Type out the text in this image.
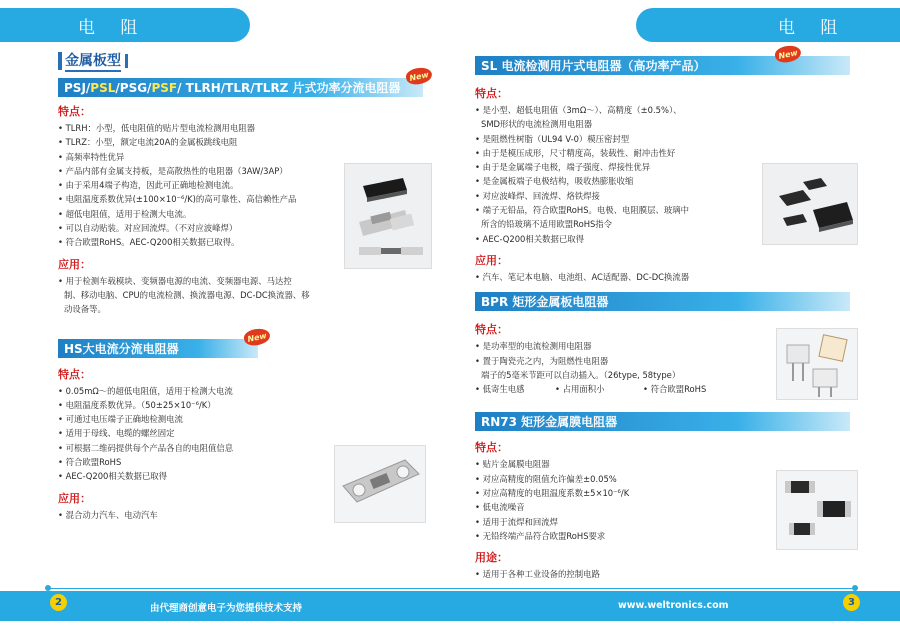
电 阻	电 阻
金属板型
PSJ/ PSL /PSG/ PSF / TLRH/TLR/TLRZ 片式功率分流电阻器
New
特点：
• TLRH：小型，低电阻值的贴片型电流检测用电阻器
• TLRZ：小型，额定电流20A的金属板跳线电阻
• 高频率特性优异
• 产品内部有金属支持板，是高散热性的电阻器（3AW/3AP）
• 由于采用4端子构造，因此可正确地检测电流。
• 电阻温度系数优异(±100×10⁻⁶/K)的高可靠性、高信赖性产品
• 超低电阻值，适用于检测大电流。
• 可以自动贴装。对应回流焊。（不对应波峰焊）
• 符合欧盟RoHS。AEC-Q200相关数据已取得。
应用：
• 用于检测车载模块、变频器电源的电流、变频器电源、马达控
制、移动电脑、CPU的电流检测、换流器电源、DC-DC换流器、移
动设备等。
HS大电流分流电阻器
New
特点：
• 0.05mΩ～的超低电阻值，适用于检测大电流
• 电阻温度系数优异。（50±25×10⁻⁶/K）
• 可通过电压端子正确地检测电流
• 适用于母线、电缆的螺丝固定
• 可根据二维码提供每个产品各自的电阻值信息
• 符合欧盟RoHS
• AEC-Q200相关数据已取得
应用：
• 混合动力汽车、电动汽车
SL 电流检测用片式电阻器（高功率产品）
New
特点：
• 是小型、超低电阻值（3mΩ～）、高精度（±0.5%）、
SMD形状的电流检测用电阻器
• 是阻燃性树脂（UL94 V-0）模压密封型
• 由于是模压成形，尺寸精度高，装载性、耐冲击性好
• 由于是金属端子电极，端子强度、焊接性优异
• 是金属板端子电极结构，吸收热膨胀收缩
• 对应波峰焊、回流焊、烙铁焊接
• 端子无铅品，符合欧盟RoHS。电极、电阻膜层、玻璃中
所含的铅玻璃不适用欧盟RoHS指令
• AEC-Q200相关数据已取得
应用：
• 汽车、笔记本电脑、电池组、AC适配器、DC-DC换流器
BPR 矩形金属板电阻器
特点：
• 是功率型的电流检测用电阻器
• 置于陶瓷壳之内，为阻燃性电阻器
端子的5毫米节距可以自动插入。（26type, 58type）
• 低寄生电感	• 占用面积小	• 符合欧盟RoHS
RN73 矩形金属膜电阻器
特点：
• 贴片金属膜电阻器
• 对应高精度的阻值允许偏差±0.05%
• 对应高精度的电阻温度系数±5×10⁻⁶/K
• 低电流噪音
• 适用于流焊和回流焊
• 无铅终端产品符合欧盟RoHS要求
用途：
• 适用于各种工业设备的控制电路
2	3
由代理商创意电子为您提供技术支持	www.weltronics.com
